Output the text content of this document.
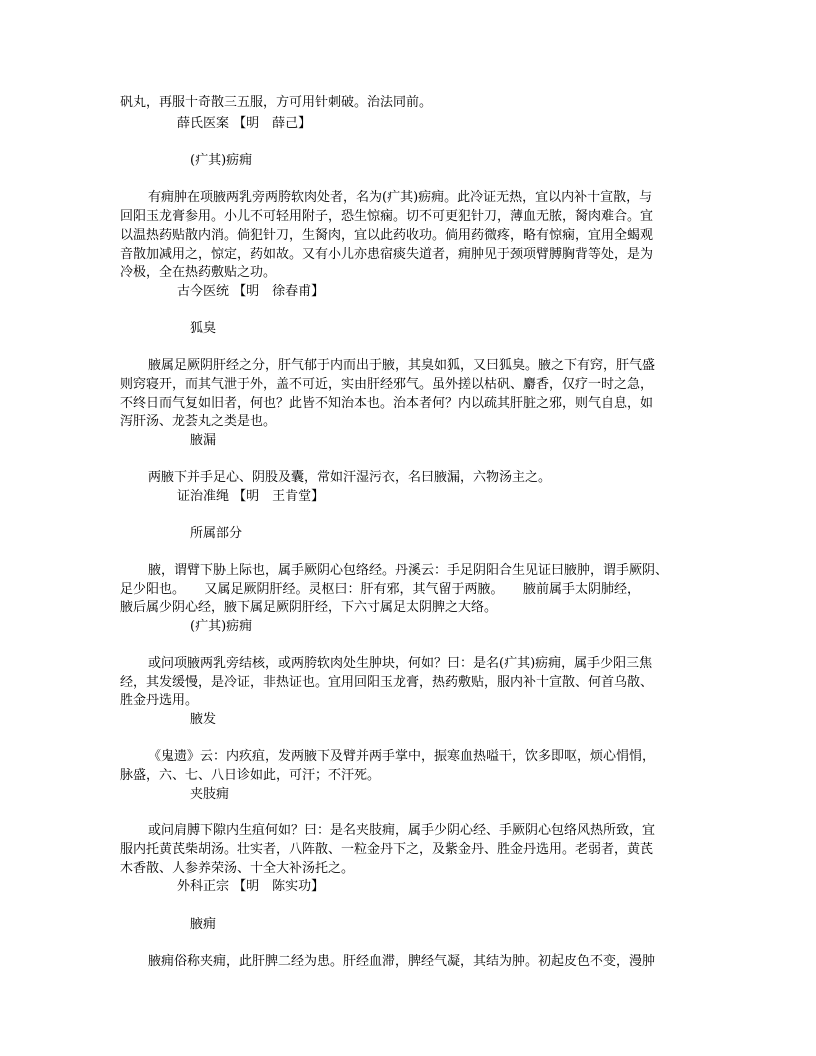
矾丸，再服十奇散三五服，方可用针刺破。治法同前。
薛氏医案 【明　薛己】
(疒其)疬痈
有痈肿在项腋两乳旁两胯软肉处者，名为(疒其)疬痈。此冷证无热，宜以内补十宣散，与
回阳玉龙膏参用。小儿不可轻用附子，恐生惊痫。切不可更犯针刀，薄血无脓，胬肉难合。宜
以温热药贴散内消。倘犯针刀，生胬肉，宜以此药收功。倘用药微疼，略有惊痫，宜用全蝎观
音散加减用之，惊定，药如故。又有小儿亦患宿痰失道者，痈肿见于颈项臂膊胸背等处，是为
冷极，全在热药敷贴之功。
古今医统 【明　徐春甫】
狐臭
腋属足厥阴肝经之分，肝气郁于内而出于腋，其臭如狐，又曰狐臭。腋之下有窍，肝气盛
则窍寝开，而其气泄于外，盖不可近，实由肝经邪气。虽外搓以枯矾、麝香，仅疗一时之急，
不终日而气复如旧者，何也？此皆不知治本也。治本者何？内以疏其肝脏之邪，则气自息，如
泻肝汤、龙荟丸之类是也。
腋漏
两腋下并手足心、阴股及囊，常如汗湿污衣，名曰腋漏，六物汤主之。
证治准绳 【明　王肯堂】
所属部分
腋，谓臂下胁上际也，属手厥阴心包络经。丹溪云：手足阴阳合生见证曰腋肿，谓手厥阴、
足少阳也。　　又属足厥阴肝经。灵枢曰：肝有邪，其气留于两腋。　　腋前属手太阴肺经，
腋后属少阴心经，腋下属足厥阴肝经，下六寸属足太阴脾之大络。
(疒其)疬痈
或问项腋两乳旁结核，或两胯软肉处生肿块，何如？曰：是名(疒其)疬痈，属手少阳三焦
经，其发缓慢，是冷证，非热证也。宜用回阳玉龙膏，热药敷贴，服内补十宣散、何首乌散、
胜金丹选用。
腋发
《鬼遗》云：内疚疽，发两腋下及臂并两手掌中，振寒血热嗌干，饮多即呕，烦心悁悁，
脉盛，六、七、八日诊如此，可汗；不汗死。
夹肢痈
或问肩膊下隙内生疽何如？曰：是名夹肢痈，属手少阴心经、手厥阴心包络风热所致，宜
服内托黄芪柴胡汤。壮实者，八阵散、一粒金丹下之，及紫金丹、胜金丹选用。老弱者，黄芪
木香散、人参养荣汤、十全大补汤托之。
外科正宗 【明　陈实功】
腋痈
腋痈俗称夹痈，此肝脾二经为患。肝经血滞，脾经气凝，其结为肿。初起皮色不变，漫肿
